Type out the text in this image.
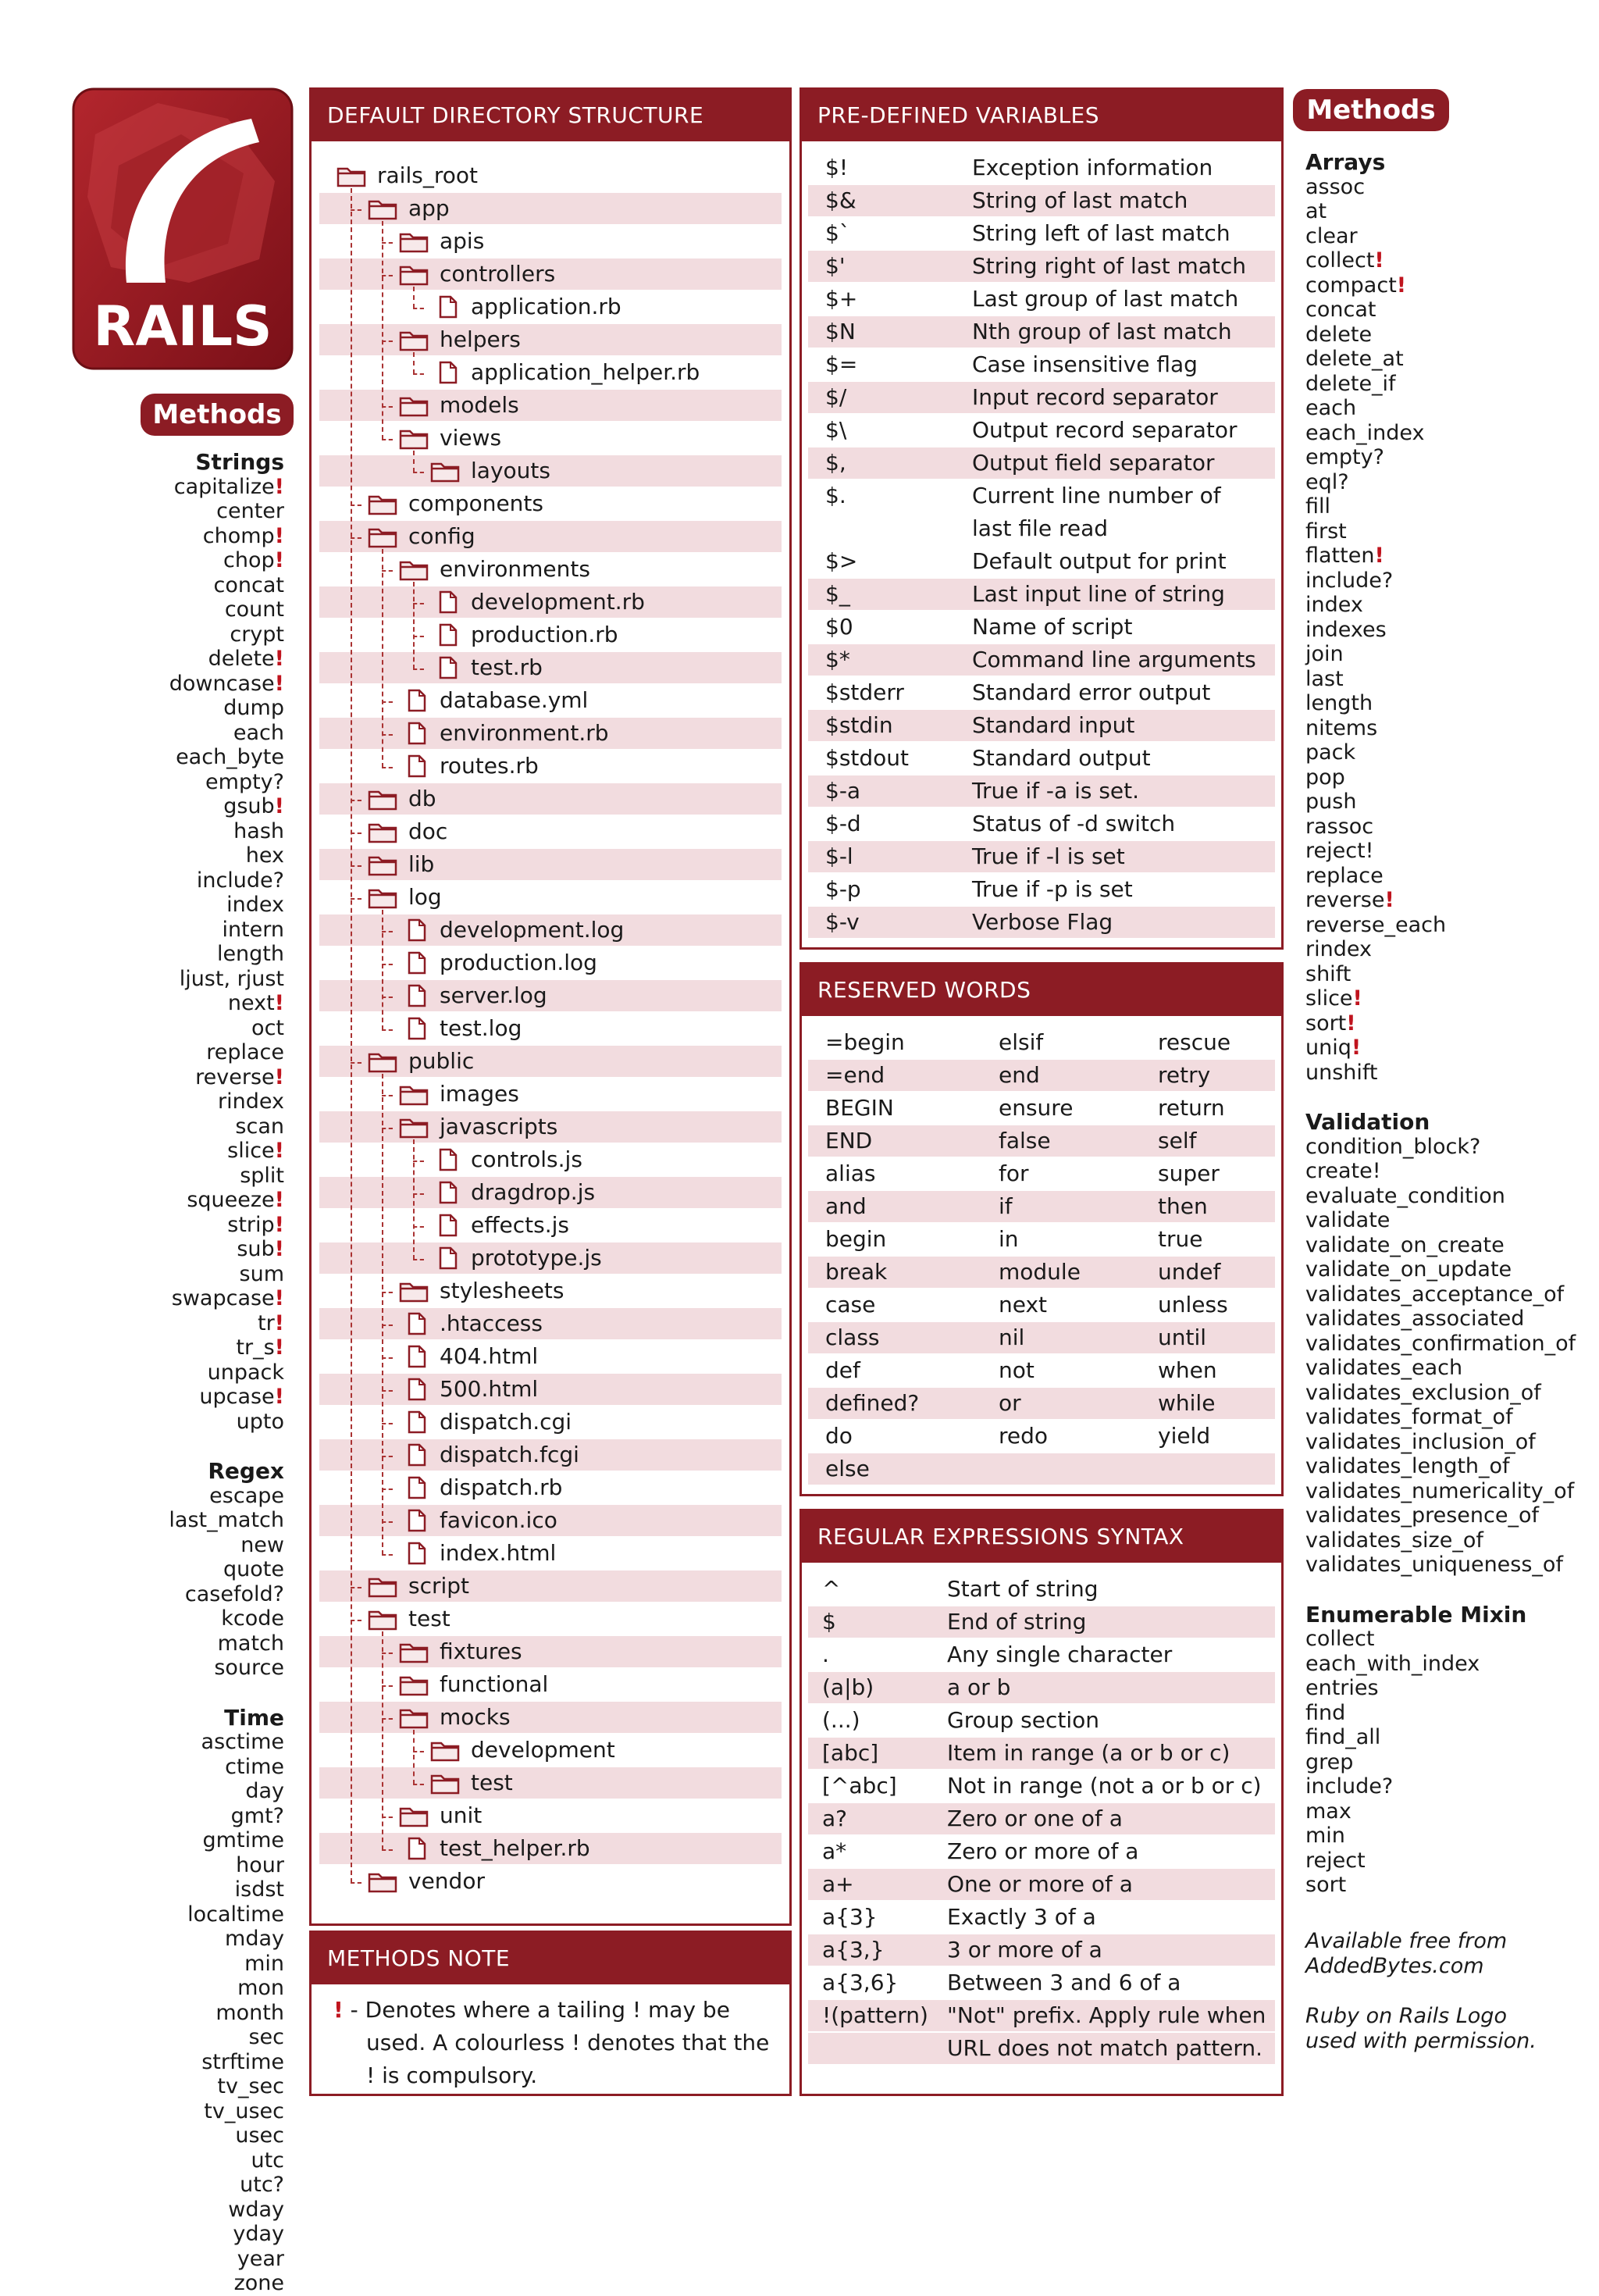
RAILS
Methods
Strings
capitalize!
center
chomp!
chop!
concat
count
crypt
delete!
downcase!
dump
each
each_byte
empty?
gsub!
hash
hex
include?
index
intern
length
ljust, rjust
next!
oct
replace
reverse!
rindex
scan
slice!
split
squeeze!
strip!
sub!
sum
swapcase!
tr!
tr_s!
unpack
upcase!
upto
Regex
escape
last_match
new
quote
casefold?
kcode
match
source
Time
asctime
ctime
day
gmt?
gmtime
hour
isdst
localtime
mday
min
mon
month
sec
strftime
tv_sec
tv_usec
usec
utc
utc?
wday
yday
year
zone
DEFAULT DIRECTORY STRUCTURE
rails_root
app
apis
controllers
application.rb
helpers
application_helper.rb
models
views
layouts
components
config
environments
development.rb
production.rb
test.rb
database.yml
environment.rb
routes.rb
db
doc
lib
log
development.log
production.log
server.log
test.log
public
images
javascripts
controls.js
dragdrop.js
effects.js
prototype.js
stylesheets
.htaccess
404.html
500.html
dispatch.cgi
dispatch.fcgi
dispatch.rb
favicon.ico
index.html
script
test
fixtures
functional
mocks
development
test
unit
test_helper.rb
vendor
METHODS NOTE
! - Denotes where a tailing ! may be
used. A colourless ! denotes that the
! is compulsory.
PRE-DEFINED VARIABLES
$!	Exception information
$&	String of last match
$`	String left of last match
$'	String right of last match
$+	Last group of last match
$N	Nth group of last match
$=	Case insensitive flag
$/	Input record separator
$\	Output record separator
$,	Output field separator
$.	Current line number of
last file read
$>	Default output for print
$_	Last input line of string
$0	Name of script
$*	Command line arguments
$stderr	Standard error output
$stdin	Standard input
$stdout	Standard output
$-a	True if -a is set.
$-d	Status of -d switch
$-l	True if -l is set
$-p	True if -p is set
$-v	Verbose Flag
RESERVED WORDS
=begin	elsif	rescue
=end	end	retry
BEGIN	ensure	return
END	false	self
alias	for	super
and	if	then
begin	in	true
break	module	undef
case	next	unless
class	nil	until
def	not	when
defined?	or	while
do	redo	yield
else
REGULAR EXPRESSIONS SYNTAX
^	Start of string
$	End of string
.	Any single character
(a|b)	a or b
(...)	Group section
[abc]	Item in range (a or b or c)
[^abc] Not in range (not a or b or c)
a?	Zero or one of a
a*	Zero or more of a
a+	One or more of a
a{3}	Exactly 3 of a
a{3,}	3 or more of a
a{3,6} Between 3 and 6 of a
!(pattern) "Not" prefix. Apply rule when
URL does not match pattern.
Methods
Arrays
assoc
at
clear
collect!
compact!
concat
delete
delete_at
delete_if
each
each_index
empty?
eql?
fill
first
flatten!
include?
index
indexes
join
last
length
nitems
pack
pop
push
rassoc
reject!
replace
reverse!
reverse_each
rindex
shift
slice!
sort!
uniq!
unshift
Validation
condition_block?
create!
evaluate_condition
validate
validate_on_create
validate_on_update
validates_acceptance_of
validates_associated
validates_confirmation_of
validates_each
validates_exclusion_of
validates_format_of
validates_inclusion_of
validates_length_of
validates_numericality_of
validates_presence_of
validates_size_of
validates_uniqueness_of
Enumerable Mixin
collect
each_with_index
entries
find
find_all
grep
include?
max
min
reject
sort
Available free from
AddedBytes.com
Ruby on Rails Logo
used with permission.
